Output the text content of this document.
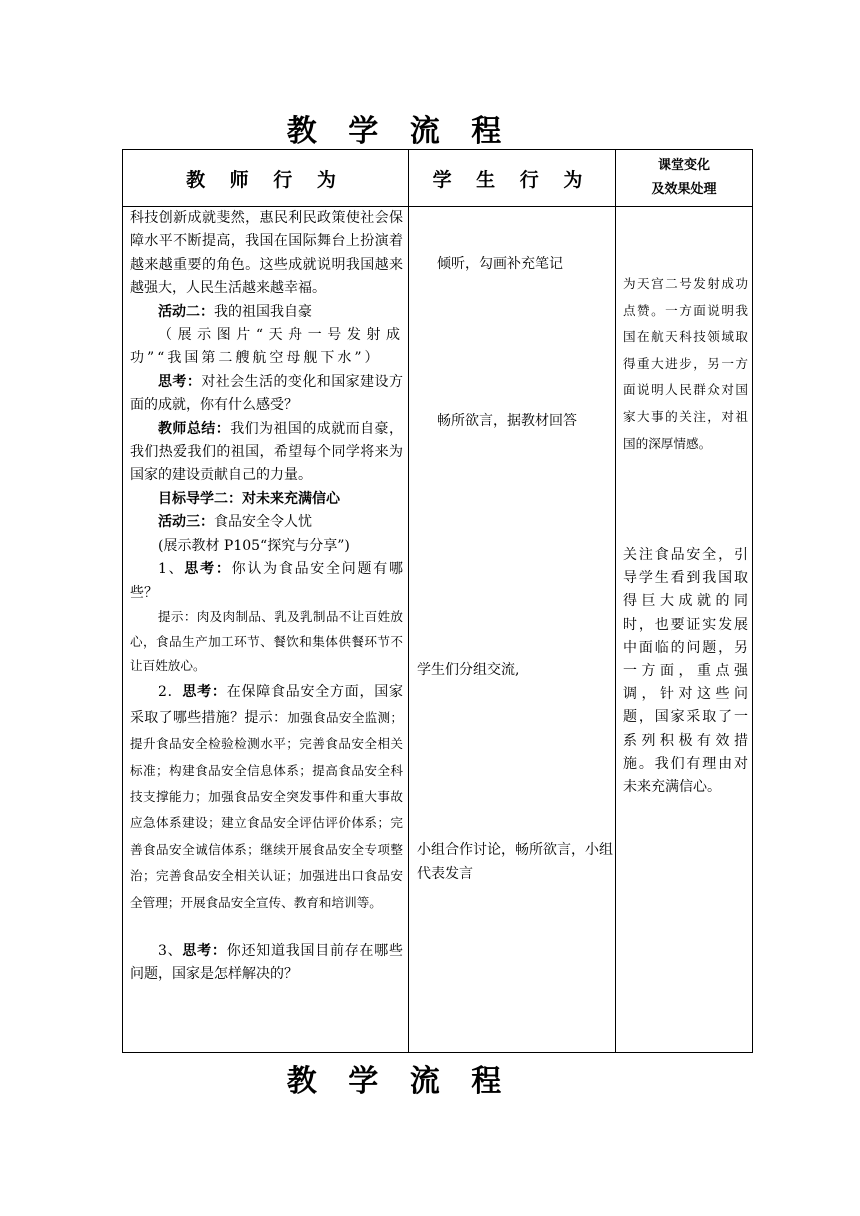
教 学 流 程
教 师 行 为	学 生 行 为
课堂变化
及效果处理

科技创新成就斐然，惠民利民政策使社会保障水平不断提高，我国在国际舞台上扮演着越来越重要的角色。这些成就说明我国越来越强大，人民生活越来越幸福。

活动二：我的祖国我自豪

（展示图片“天舟一号发射成功”“我国第二艘航空母舰下水”）

思考：对社会生活的变化和国家建设方面的成就，你有什么感受？

教师总结：我们为祖国的成就而自豪，我们热爱我们的祖国，希望每个同学将来为国家的建设贡献自己的力量。

目标导学二：对未来充满信心

活动三：食品安全令人忧

(展示教材 P105“探究与分享”)

1、思考：你认为食品安全问题有哪些？

提示：肉及肉制品、乳及乳制品不让百姓放心，食品生产加工环节、餐饮和集体供餐环节不让百姓放心。

2．思考：在保障食品安全方面，国家采取了哪些措施？提示：加强食品安全监测；提升食品安全检验检测水平；完善食品安全相关标准；构建食品安全信息体系；提高食品安全科技支撑能力；加强食品安全突发事件和重大事故应急体系建设；建立食品安全评估评价体系；完善食品安全诚信体系；继续开展食品安全专项整治；完善食品安全相关认证；加强进出口食品安全管理；开展食品安全宣传、教育和培训等。

3、思考：你还知道我国目前存在哪些问题，国家是怎样解决的？

倾听，勾画补充笔记
畅所欲言，据教材回答
学生们分组交流,
小组合作讨论，畅所欲言，小组代表发言
为天宫二号发射成功点赞。一方面说明我国在航天科技领域取得重大进步，另一方面说明人民群众对国家大事的关注，对祖国的深厚情感。
关注食品安全，引导学生看到我国取得巨大成就的同时，也要证实发展中面临的问题，另一方面，重点强调，针对这些问题，国家采取了一系列积极有效措施。我们有理由对未来充满信心。
教 学 流 程
